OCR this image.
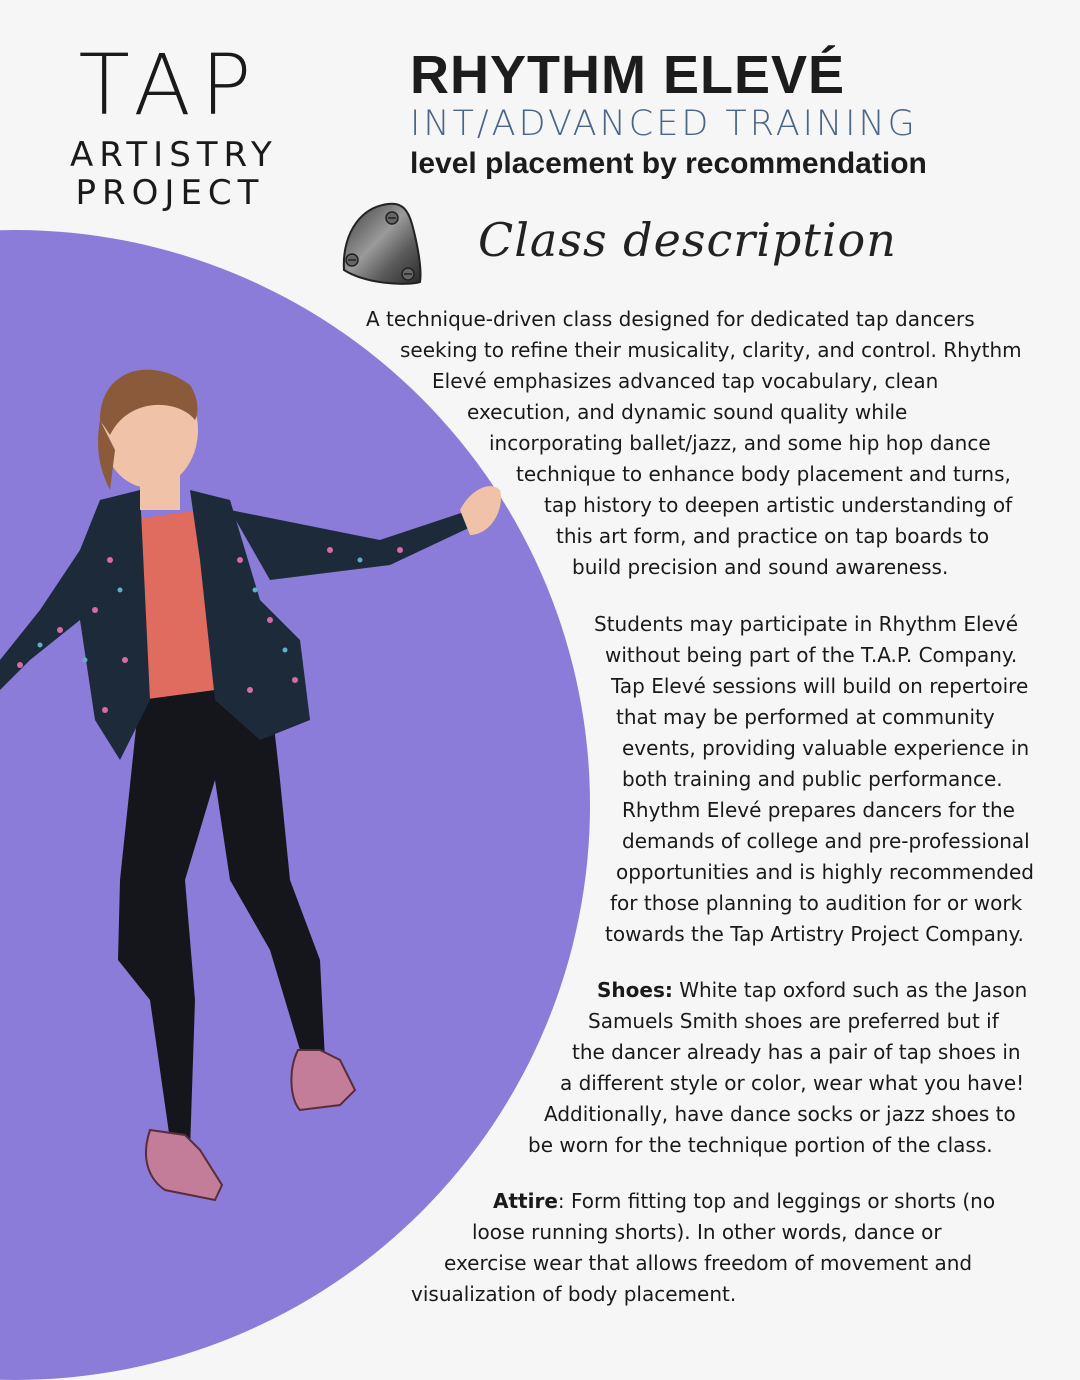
TAP
ARTISTRY
PROJECT
RHYTHM ELEVÉ
INT/ADVANCED TRAINING
level placement by recommendation
Class description
A technique-driven class designed for dedicated tap dancers
seeking to refine their musicality, clarity, and control. Rhythm
Elevé emphasizes advanced tap vocabulary, clean
execution, and dynamic sound quality while
incorporating ballet/jazz, and some hip hop dance
technique to enhance body placement and turns,
tap history to deepen artistic understanding of
this art form, and practice on tap boards to
build precision and sound awareness.
Students may participate in Rhythm Elevé
without being part of the T.A.P. Company.
Tap Elevé sessions will build on repertoire
that may be performed at community
events, providing valuable experience in
both training and public performance.
Rhythm Elevé prepares dancers for the
demands of college and pre-professional
opportunities and is highly recommended
for those planning to audition for or work
towards the Tap Artistry Project Company.
Shoes: White tap oxford such as the Jason
Samuels Smith shoes are preferred but if
the dancer already has a pair of tap shoes in
a different style or color, wear what you have!
Additionally, have dance socks or jazz shoes to
be worn for the technique portion of the class.
Attire: Form fitting top and leggings or shorts (no
loose running shorts). In other words, dance or
exercise wear that allows freedom of movement and
visualization of body placement.
